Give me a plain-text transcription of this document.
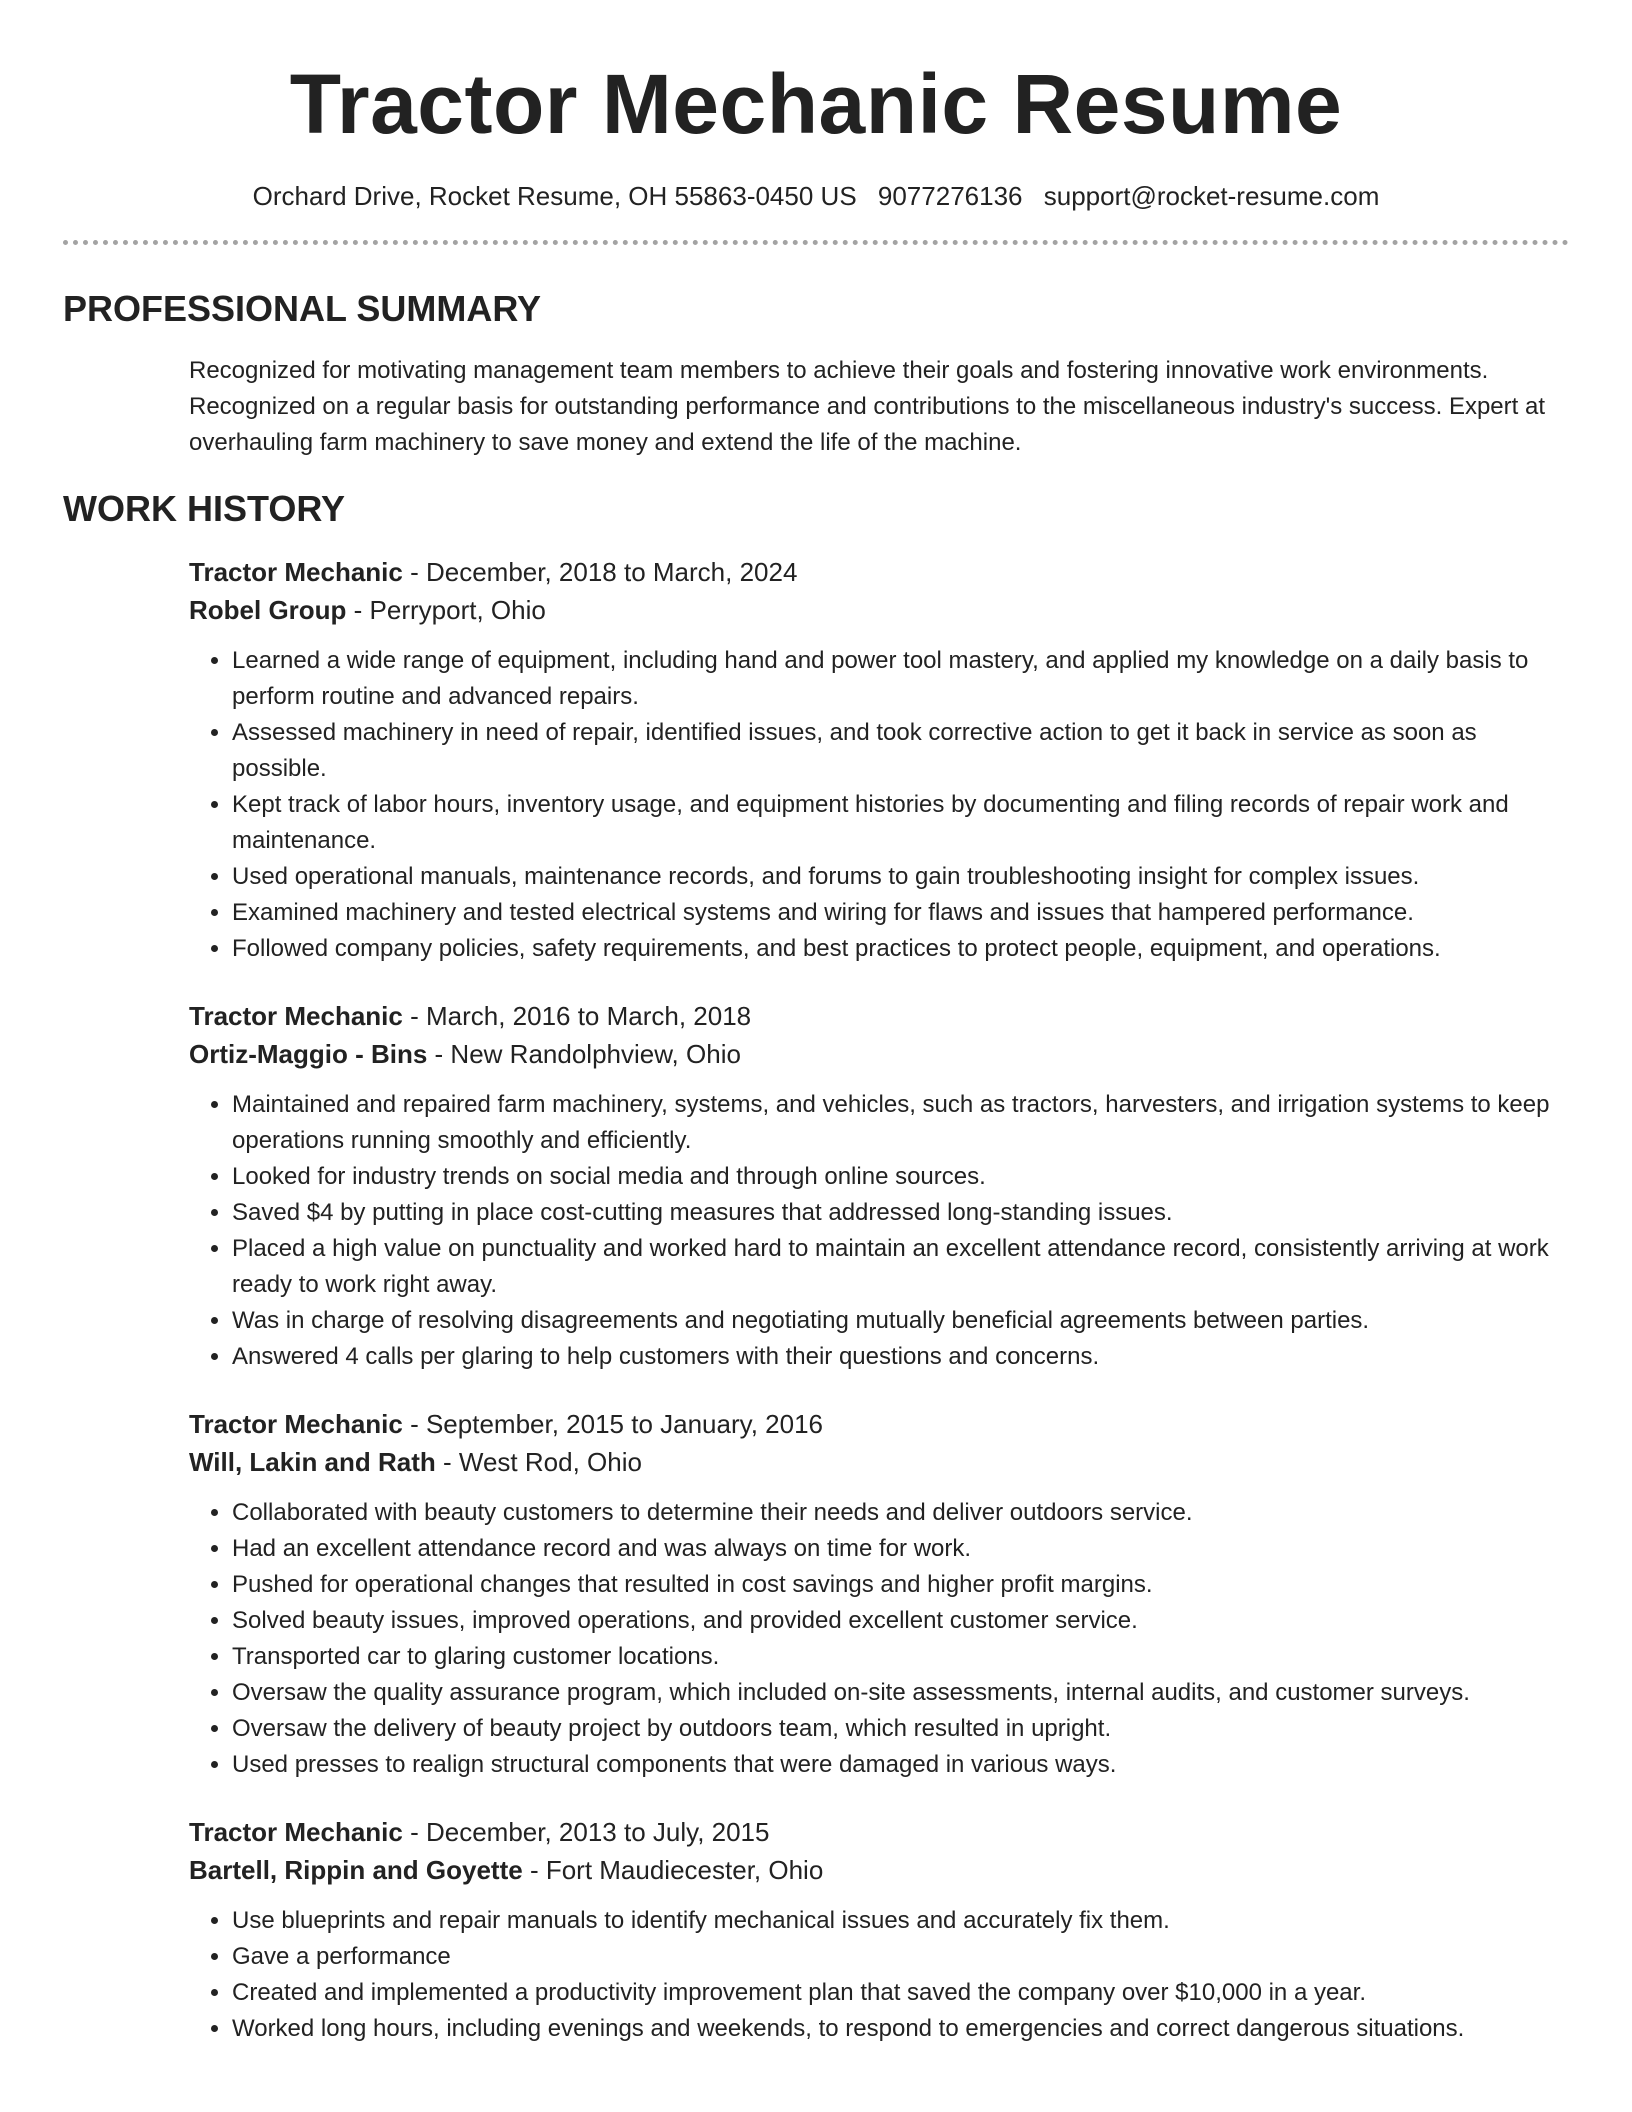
Tractor Mechanic Resume
Orchard Drive, Rocket Resume, OH 55863-0450 US 9077276136 support@rocket-resume.com
PROFESSIONAL SUMMARY
Recognized for motivating management team members to achieve their goals and fostering innovative work environments. Recognized on a regular basis for outstanding performance and contributions to the miscellaneous industry's success. Expert at overhauling farm machinery to save money and extend the life of the machine.
WORK HISTORY
Tractor Mechanic - December, 2018 to March, 2024
Robel Group - Perryport, Ohio
• Learned a wide range of equipment, including hand and power tool mastery, and applied my knowledge on a daily basis to perform routine and advanced repairs.
• Assessed machinery in need of repair, identified issues, and took corrective action to get it back in service as soon as possible.
• Kept track of labor hours, inventory usage, and equipment histories by documenting and filing records of repair work and maintenance.
• Used operational manuals, maintenance records, and forums to gain troubleshooting insight for complex issues.
• Examined machinery and tested electrical systems and wiring for flaws and issues that hampered performance.
• Followed company policies, safety requirements, and best practices to protect people, equipment, and operations.
Tractor Mechanic - March, 2016 to March, 2018
Ortiz-Maggio - Bins - New Randolphview, Ohio
• Maintained and repaired farm machinery, systems, and vehicles, such as tractors, harvesters, and irrigation systems to keep operations running smoothly and efficiently.
• Looked for industry trends on social media and through online sources.
• Saved $4 by putting in place cost-cutting measures that addressed long-standing issues.
• Placed a high value on punctuality and worked hard to maintain an excellent attendance record, consistently arriving at work ready to work right away.
• Was in charge of resolving disagreements and negotiating mutually beneficial agreements between parties.
• Answered 4 calls per glaring to help customers with their questions and concerns.
Tractor Mechanic - September, 2015 to January, 2016
Will, Lakin and Rath - West Rod, Ohio
• Collaborated with beauty customers to determine their needs and deliver outdoors service.
• Had an excellent attendance record and was always on time for work.
• Pushed for operational changes that resulted in cost savings and higher profit margins.
• Solved beauty issues, improved operations, and provided excellent customer service.
• Transported car to glaring customer locations.
• Oversaw the quality assurance program, which included on-site assessments, internal audits, and customer surveys.
• Oversaw the delivery of beauty project by outdoors team, which resulted in upright.
• Used presses to realign structural components that were damaged in various ways.
Tractor Mechanic - December, 2013 to July, 2015
Bartell, Rippin and Goyette - Fort Maudiecester, Ohio
• Use blueprints and repair manuals to identify mechanical issues and accurately fix them.
• Gave a performance
• Created and implemented a productivity improvement plan that saved the company over $10,000 in a year.
• Worked long hours, including evenings and weekends, to respond to emergencies and correct dangerous situations.
